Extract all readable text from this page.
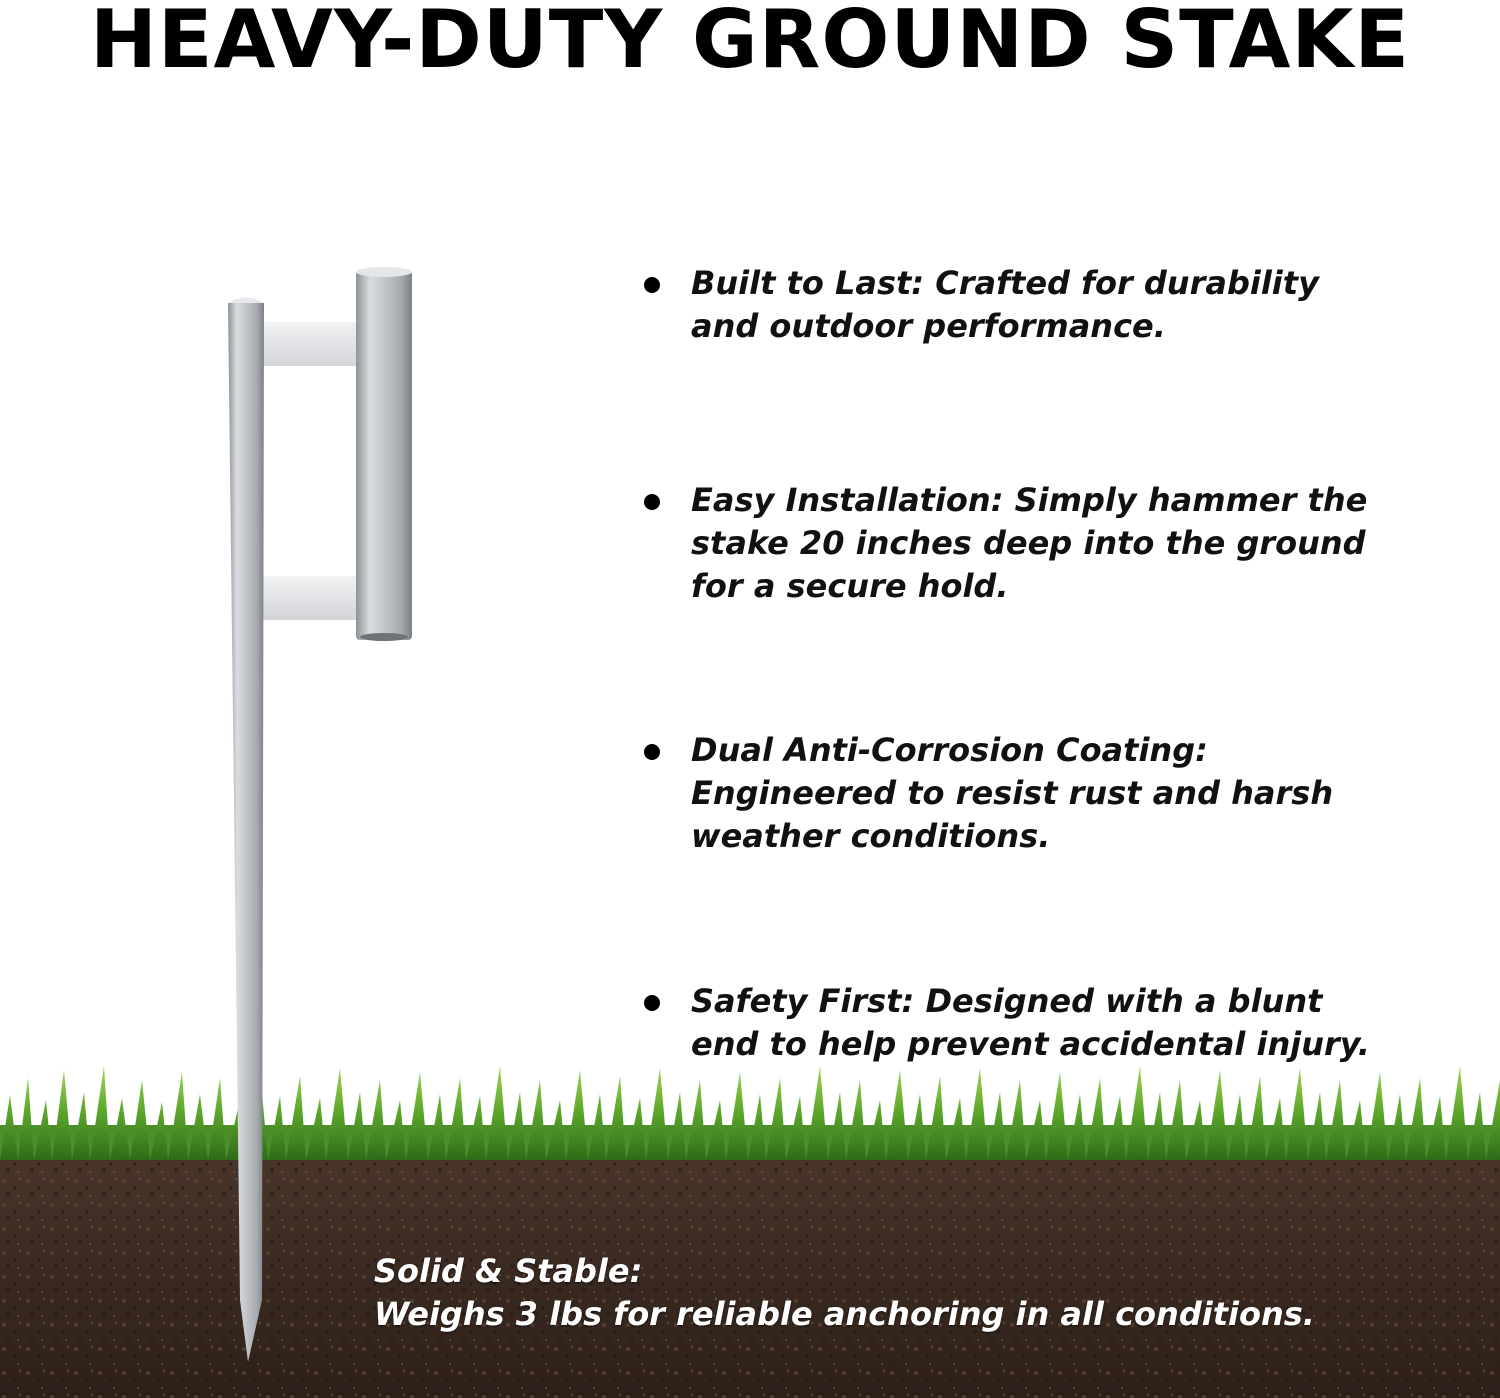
HEAVY-DUTY GROUND STAKE
Built to Last: Crafted for durability and outdoor performance.
Easy Installation: Simply hammer the stake 20 inches deep into the ground for a secure hold.
Dual Anti-Corrosion Coating: Engineered to resist rust and harsh weather conditions.
Safety First: Designed with a blunt end to help prevent accidental injury.
Solid & Stable:
Weighs 3 lbs for reliable anchoring in all conditions.
